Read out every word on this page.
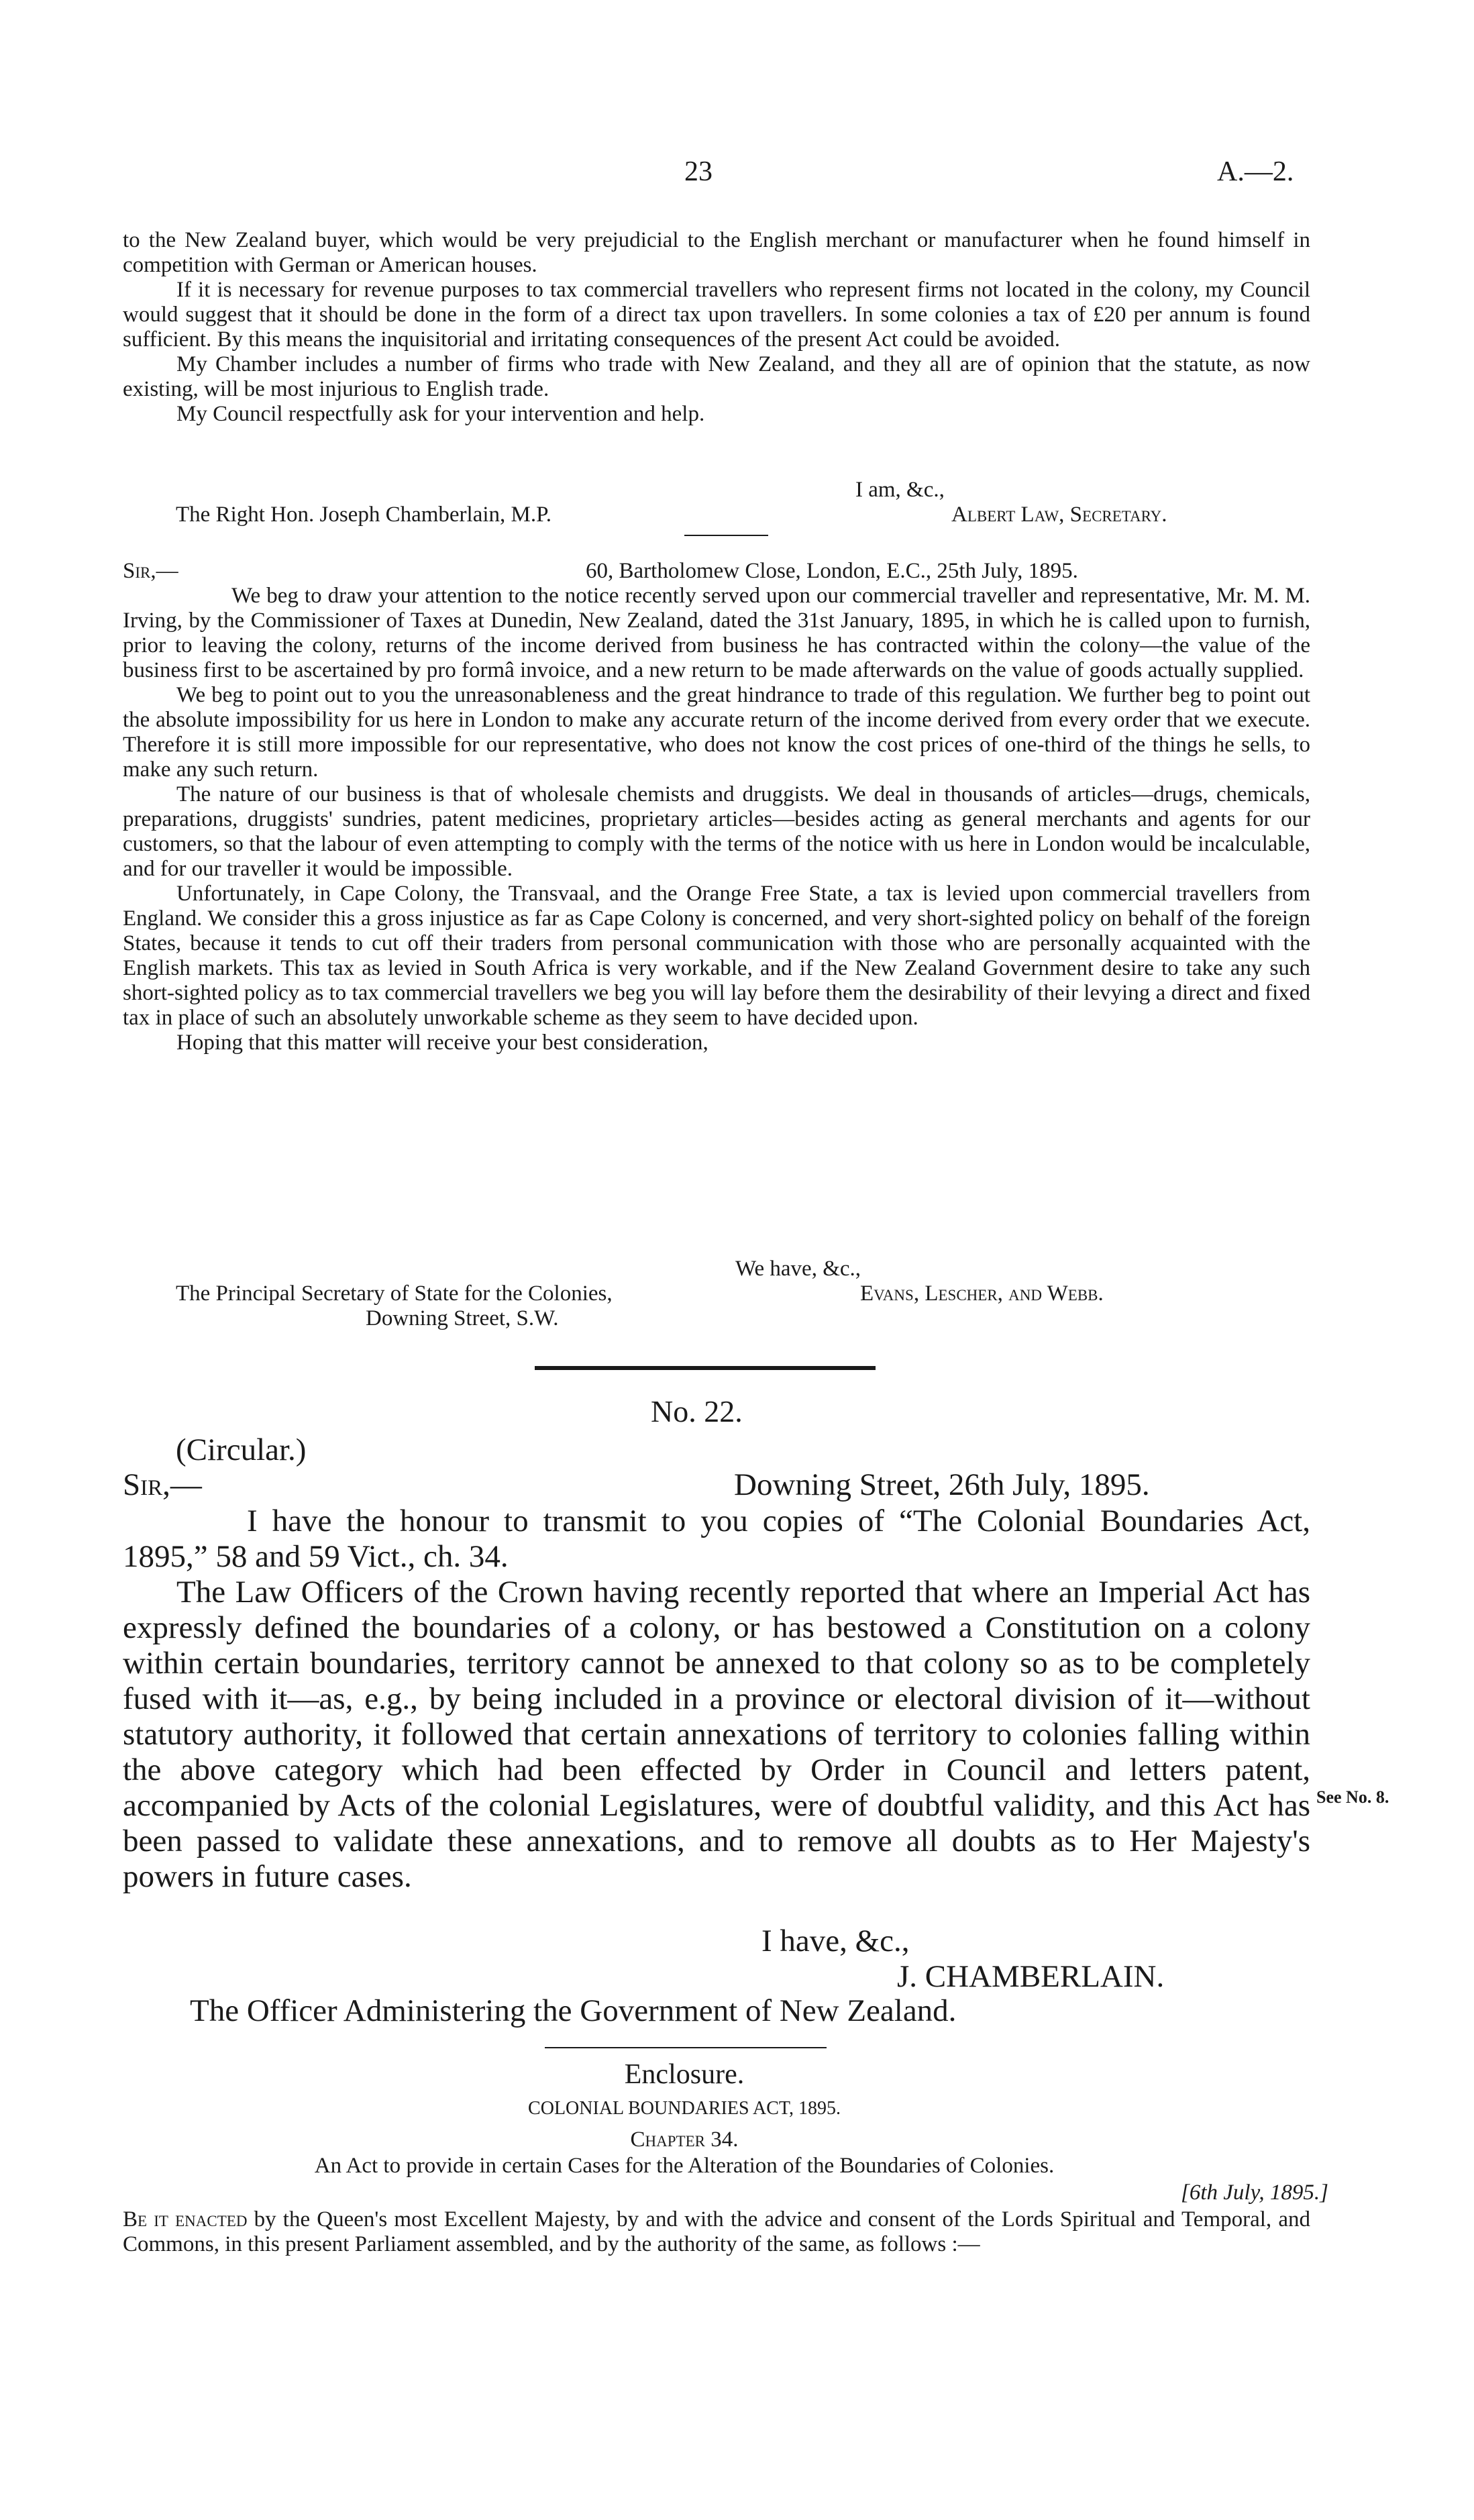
23	A.—2.

to the New Zealand buyer, which would be very prejudicial to the English merchant or manufacturer when he found himself in competition with German or American houses.

If it is necessary for revenue purposes to tax commercial travellers who represent firms not located in the colony, my Council would suggest that it should be done in the form of a direct tax upon travellers. In some colonies a tax of £20 per annum is found sufficient. By this means the inquisitorial and irritating consequences of the present Act could be avoided.

My Chamber includes a number of firms who trade with New Zealand, and they all are of opinion that the statute, as now existing, will be most injurious to English trade.

My Council respectfully ask for your intervention and help.

I am, &c.,
The Right Hon. Joseph Chamberlain, M.P.	Albert Law, Secretary.
Sir,—	60, Bartholomew Close, London, E.C., 25th July, 1895.

We beg to draw your attention to the notice recently served upon our commercial traveller and representative, Mr. M. M. Irving, by the Commissioner of Taxes at Dunedin, New Zealand, dated the 31st January, 1895, in which he is called upon to furnish, prior to leaving the colony, returns of the income derived from business he has contracted within the colony—the value of the business first to be ascertained by pro formâ invoice, and a new return to be made afterwards on the value of goods actually supplied.

We beg to point out to you the unreasonableness and the great hindrance to trade of this regulation. We further beg to point out the absolute impossibility for us here in London to make any accurate return of the income derived from every order that we execute. Therefore it is still more impossible for our representative, who does not know the cost prices of one-third of the things he sells, to make any such return.

The nature of our business is that of wholesale chemists and druggists. We deal in thousands of articles—drugs, chemicals, preparations, druggists' sundries, patent medicines, proprietary articles—besides acting as general merchants and agents for our customers, so that the labour of even attempting to comply with the terms of the notice with us here in London would be incalculable, and for our traveller it would be impossible.

Unfortunately, in Cape Colony, the Transvaal, and the Orange Free State, a tax is levied upon commercial travellers from England. We consider this a gross injustice as far as Cape Colony is concerned, and very short-sighted policy on behalf of the foreign States, because it tends to cut off their traders from personal communication with those who are personally acquainted with the English markets. This tax as levied in South Africa is very workable, and if the New Zealand Government desire to take any such short-sighted policy as to tax commercial travellers we beg you will lay before them the desirability of their levying a direct and fixed tax in place of such an absolutely unworkable scheme as they seem to have decided upon.

Hoping that this matter will receive your best consideration,

We have, &c.,
The Principal Secretary of State for the Colonies,	Evans, Lescher, and Webb.
Downing Street, S.W.
No. 22.
(Circular.)
Sir,—	Downing Street, 26th July, 1895.

I have the honour to transmit to you copies of “The Colonial Boundaries Act, 1895,” 58 and 59 Vict., ch. 34.

The Law Officers of the Crown having recently reported that where an Imperial Act has expressly defined the boundaries of a colony, or has bestowed a Constitution on a colony within certain boundaries, territory cannot be annexed to that colony so as to be completely fused with it—as, e.g., by being included in a province or electoral division of it—without statutory authority, it followed that certain annexations of territory to colonies falling within the above category which had been effected by Order in Council and letters patent, accompanied by Acts of the colonial Legislatures, were of doubtful validity, and this Act has been passed to validate these annexations, and to remove all doubts as to Her Majesty's powers in future cases.

See No. 8.
I have, &c.,
J. CHAMBERLAIN.
The Officer Administering the Government of New Zealand.
Enclosure.
COLONIAL BOUNDARIES ACT, 1895.
Chapter 34.
An Act to provide in certain Cases for the Alteration of the Boundaries of Colonies.
[6th July, 1895.]
Be it enacted by the Queen's most Excellent Majesty, by and with the advice and consent of the Lords Spiritual and Temporal, and Commons, in this present Parliament assembled, and by the authority of the same, as follows :—
